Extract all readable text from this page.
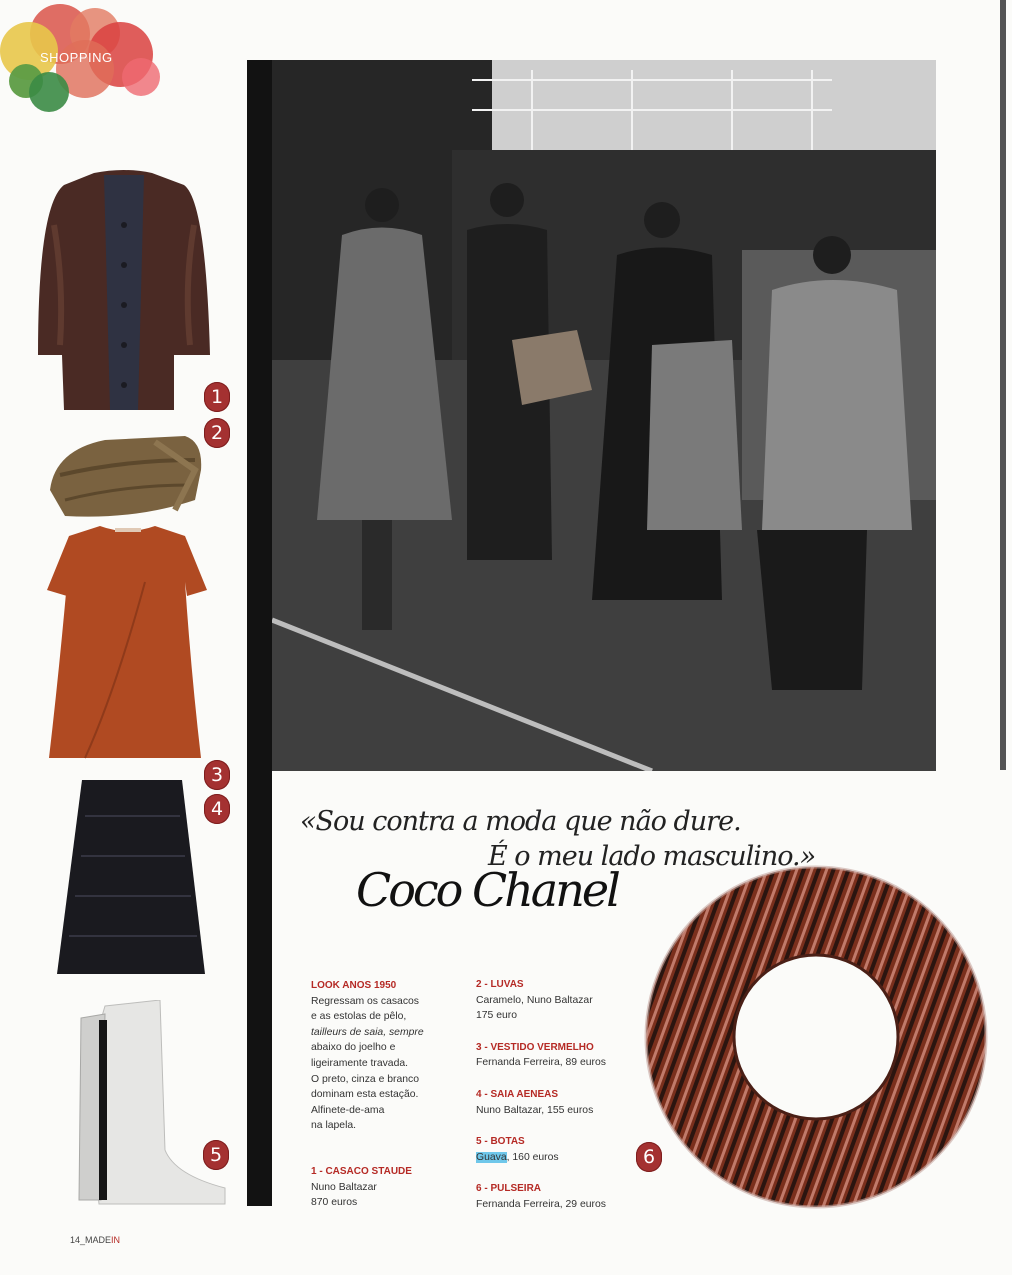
SHOPPING
1
2
3
4
5
«Sou contra a moda que não dure.
É o meu lado masculino.»
Coco Chanel
6
LOOK ANOS 1950
Regressam os casacos
e as estolas de pêlo,
tailleurs de saia, sempre
abaixo do joelho e
ligeiramente travada.
O preto, cinza e branco
dominam esta estação.
Alfinete-de-ama
na lapela.
1 - CASACO STAUDE
Nuno Baltazar
870 euros
2 - LUVAS
Caramelo, Nuno Baltazar
175 euro
3 - VESTIDO VERMELHO
Fernanda Ferreira, 89 euros
4 - SAIA AENEAS
Nuno Baltazar, 155 euros
5 - BOTAS
Guava, 160 euros
6 - PULSEIRA
Fernanda Ferreira, 29 euros
14_MADEIN
